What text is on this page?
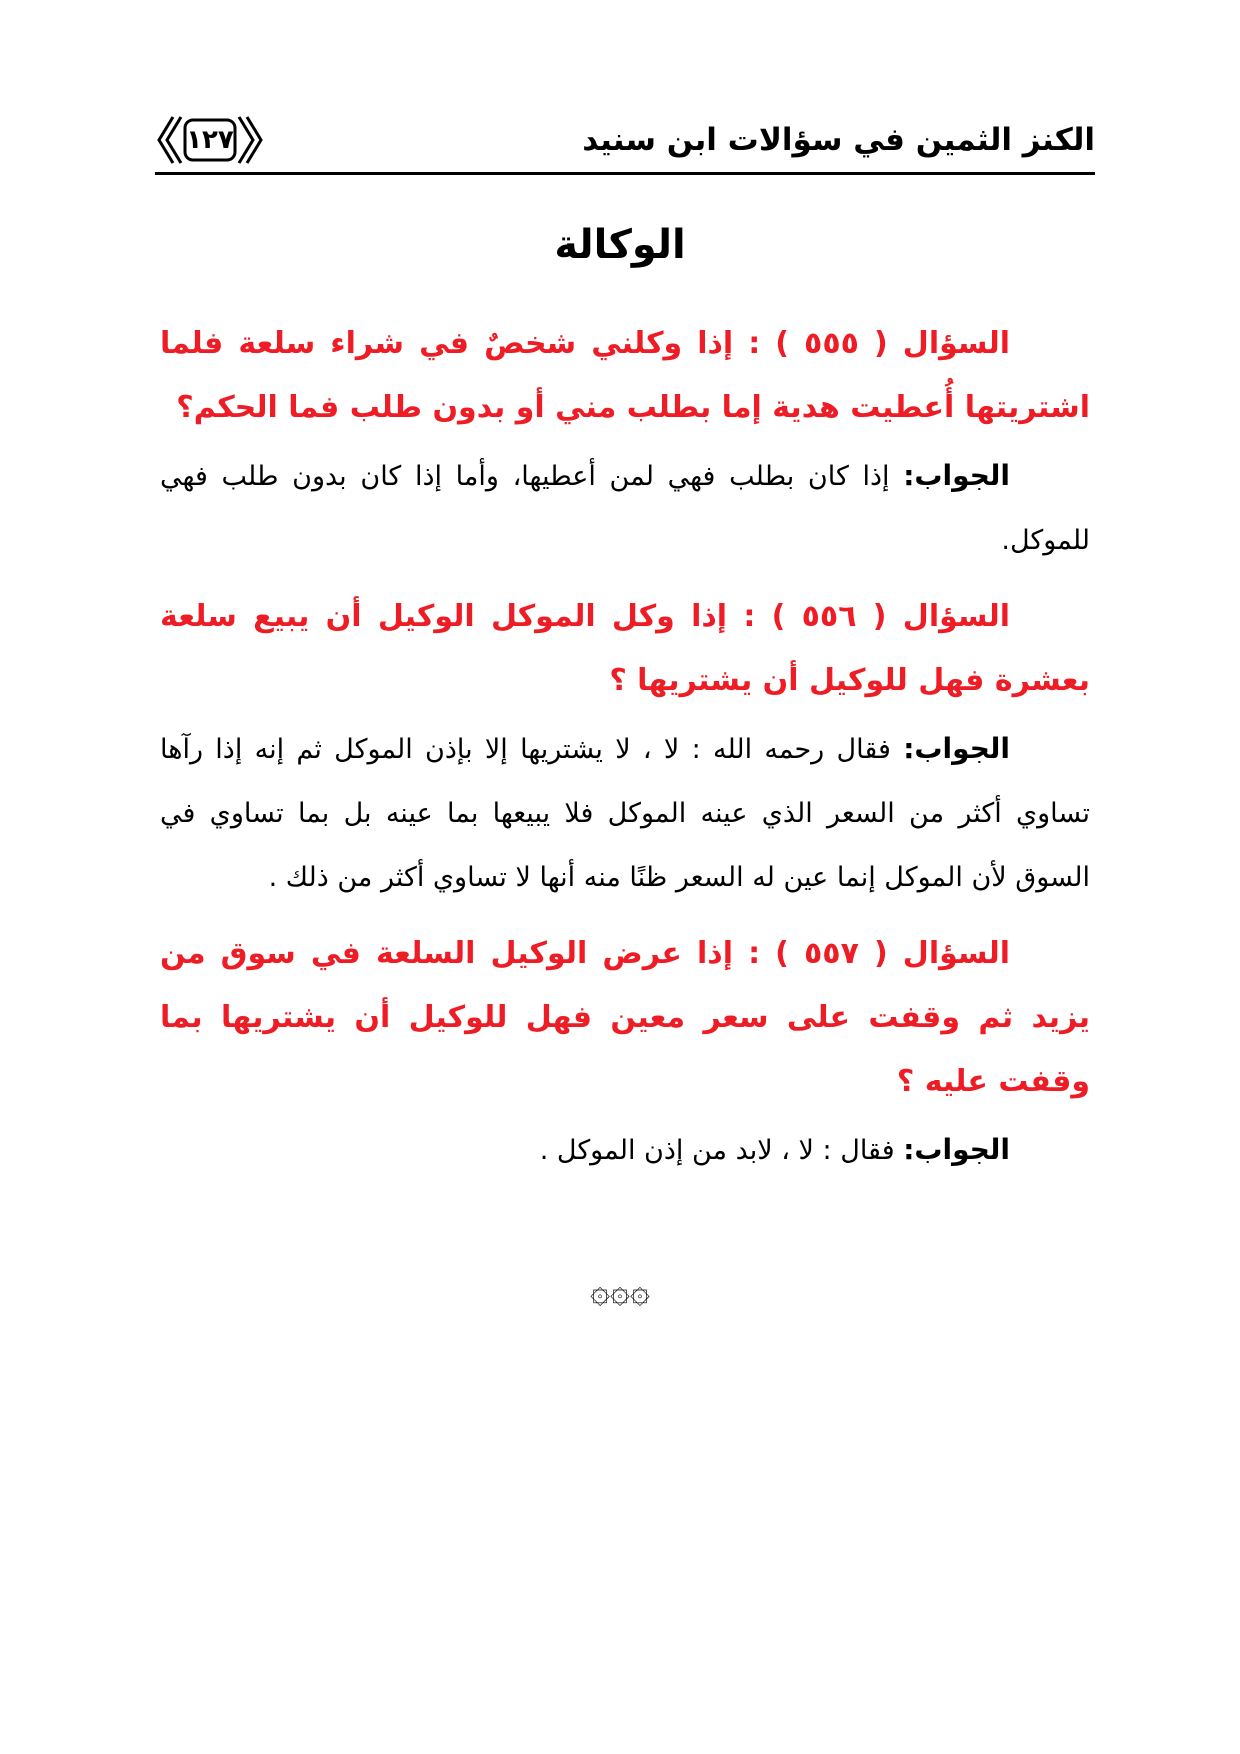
الكنز الثمين في سؤالات ابن سنيد
١٢٧
الوكالة

السؤال ( ٥٥٥ ) : إذا وكلني شخصٌ في شراء سلعة فلما اشتريتها أُعطيت هدية إما بطلب مني أو بدون طلب فما الحكم؟

الجواب: إذا كان بطلب فهي لمن أعطيها، وأما إذا كان بدون طلب فهي للموكل.

السؤال ( ٥٥٦ ) : إذا وكل الموكل الوكيل أن يبيع سلعة بعشرة فهل للوكيل أن يشتريها ؟

الجواب: فقال رحمه الله : لا ، لا يشتريها إلا بإذن الموكل ثم إنه إذا رآها تساوي أكثر من السعر الذي عينه الموكل فلا يبيعها بما عينه بل بما تساوي في السوق لأن الموكل إنما عين له السعر ظنًا منه أنها لا تساوي أكثر من ذلك .

السؤال ( ٥٥٧ ) : إذا عرض الوكيل السلعة في سوق من يزيد ثم وقفت على سعر معين فهل للوكيل أن يشتريها بما وقفت عليه ؟

الجواب: فقال : لا ، لابد من إذن الموكل .

۞۞۞
